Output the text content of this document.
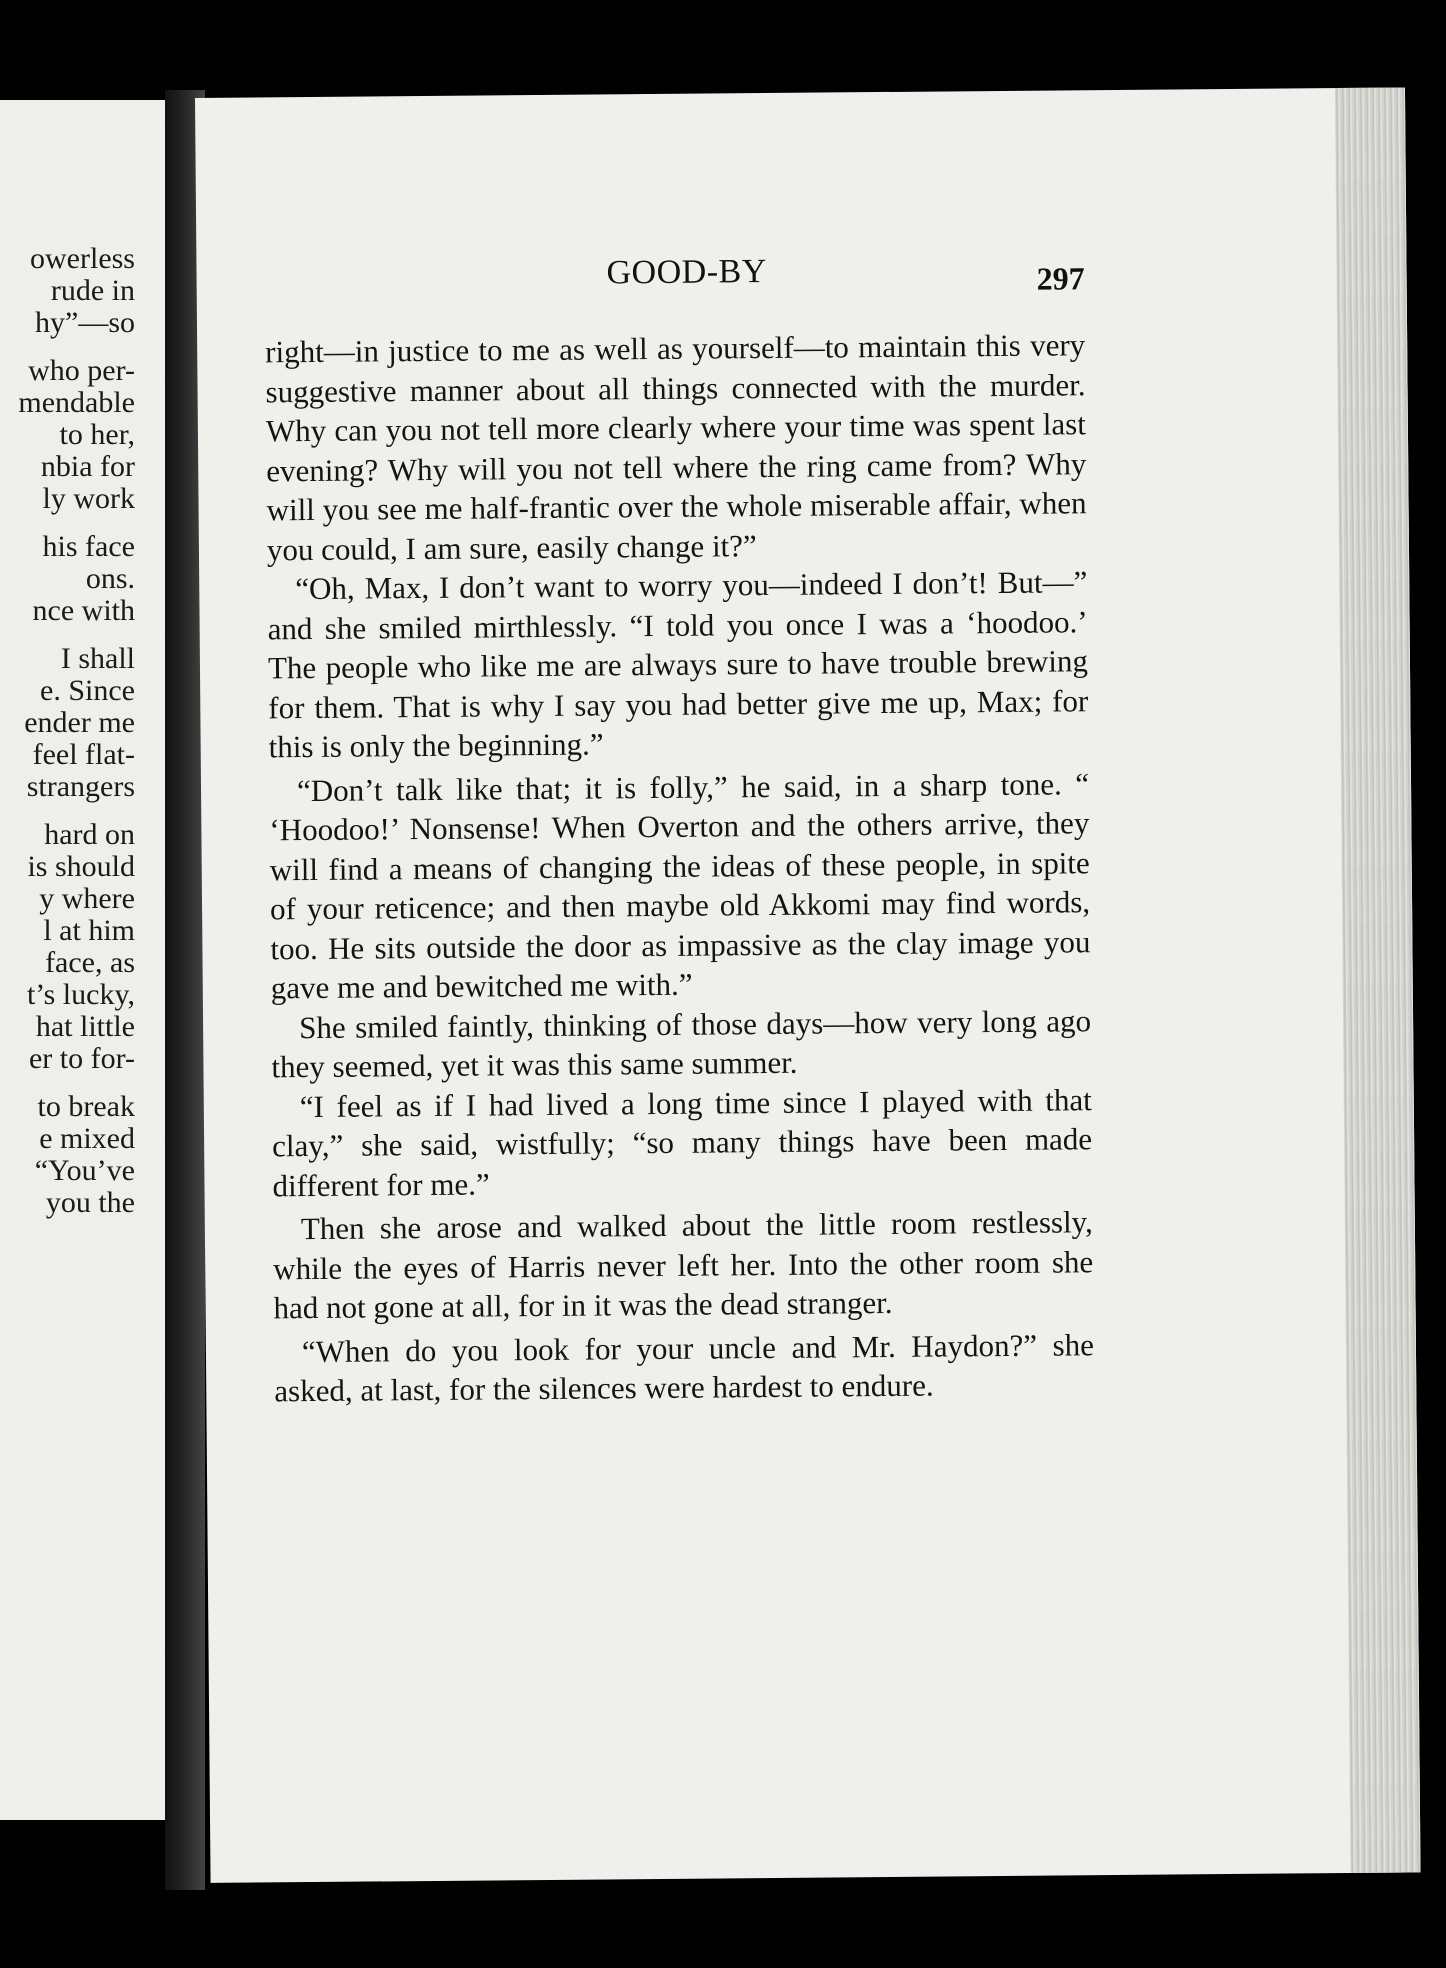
owerless
rude in
hy”—so
who per-
mendable
to her,
nbia for
ly work
his face
ons.
nce with
I shall
e. Since
ender me
feel flat-
strangers
hard on
is should
y where
l at him
face, as
t’s lucky,
hat little
er to for-
to break
e mixed
“You’ve
you the
GOOD-BY	297

right—in justice to me as well as yourself—to maintain this very suggestive manner about all things connected with the murder. Why can you not tell more clearly where your time was spent last evening? Why will you not tell where the ring came from? Why will you see me half-frantic over the whole miserable affair, when you could, I am sure, easily change it?”

“Oh, Max, I don’t want to worry you—indeed I don’t! But—” and she smiled mirthlessly. “I told you once I was a ‘hoodoo.’ The people who like me are always sure to have trouble brewing for them. That is why I say you had better give me up, Max; for this is only the beginning.”

“Don’t talk like that; it is folly,” he said, in a sharp tone. “ ‘Hoodoo!’ Nonsense! When Overton and the others arrive, they will find a means of changing the ideas of these people, in spite of your reticence; and then maybe old Akkomi may find words, too. He sits outside the door as impassive as the clay image you gave me and bewitched me with.”

She smiled faintly, thinking of those days—how very long ago they seemed, yet it was this same summer.

“I feel as if I had lived a long time since I played with that clay,” she said, wistfully; “so many things have been made different for me.”

Then she arose and walked about the little room restlessly, while the eyes of Harris never left her. Into the other room she had not gone at all, for in it was the dead stranger.

“When do you look for your uncle and Mr. Haydon?” she asked, at last, for the silences were hardest to endure.
